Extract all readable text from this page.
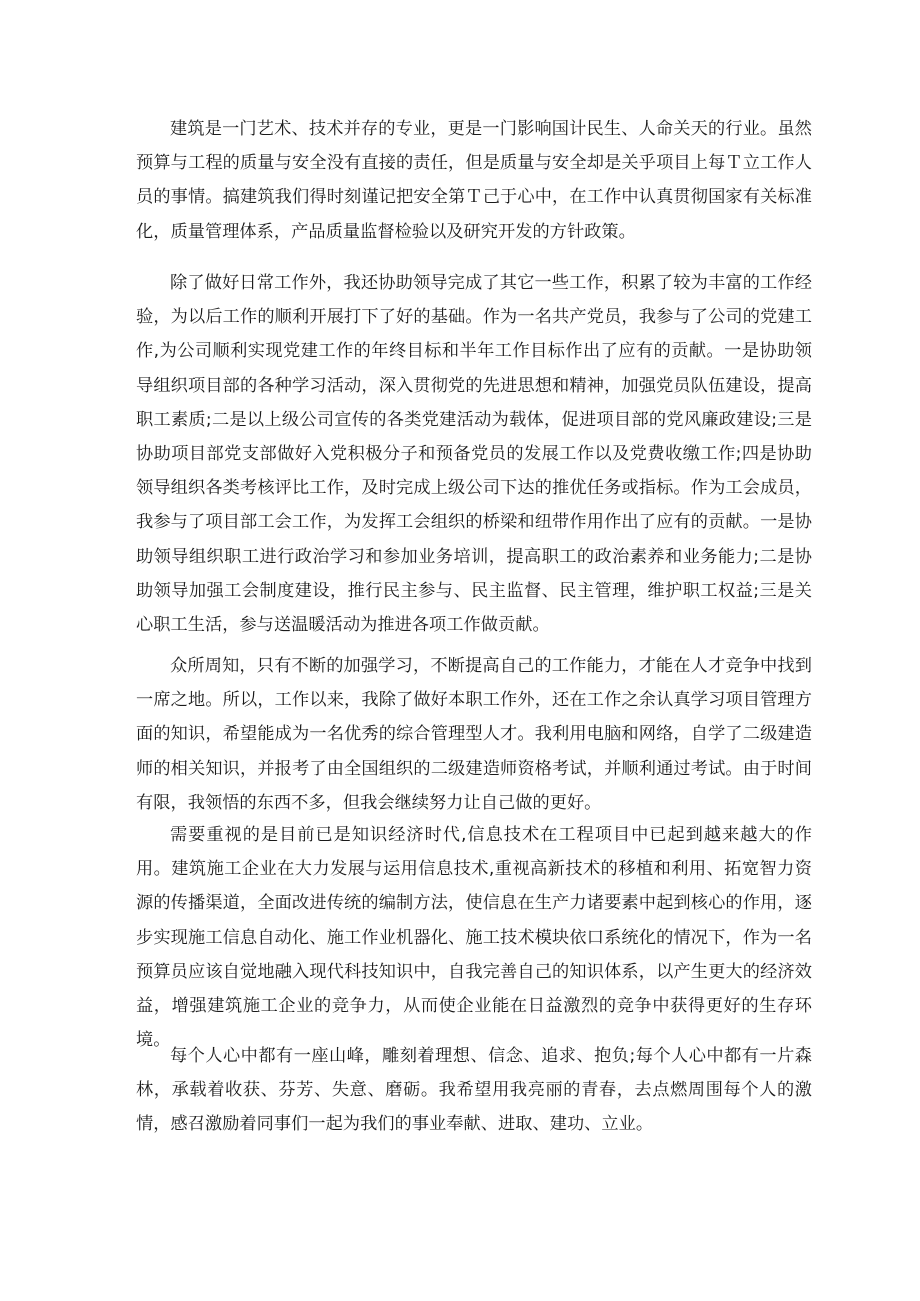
建筑是一门艺术、技术并存的专业，更是一门影响国计民生、人命关天的行业。虽然预算与工程的质量与安全没有直接的责任，但是质量与安全却是关乎项目上每Ｔ立工作人员的事情。搞建筑我们得时刻谨记把安全第Ｔ己于心中，在工作中认真贯彻国家有关标准化，质量管理体系，产品质量监督检验以及研究开发的方针政策。

除了做好日常工作外，我还协助领导完成了其它一些工作，积累了较为丰富的工作经验，为以后工作的顺利开展打下了好的基础。作为一名共产党员，我参与了公司的党建工作,为公司顺利实现党建工作的年终目标和半年工作目标作出了应有的贡献。一是协助领导组织项目部的各种学习活动，深入贯彻党的先进思想和精神，加强党员队伍建设，提高职工素质;二是以上级公司宣传的各类党建活动为载体，促进项目部的党风廉政建设;三是协助项目部党支部做好入党积极分子和预备党员的发展工作以及党费收缴工作;四是协助领导组织各类考核评比工作，及时完成上级公司下达的推优任务或指标。作为工会成员，我参与了项目部工会工作，为发挥工会组织的桥梁和纽带作用作出了应有的贡献。一是协助领导组织职工进行政治学习和参加业务培训，提高职工的政治素养和业务能力;二是协助领导加强工会制度建设，推行民主参与、民主监督、民主管理，维护职工权益;三是关心职工生活，参与送温暖活动为推进各项工作做贡献。

众所周知，只有不断的加强学习，不断提高自己的工作能力，才能在人才竞争中找到一席之地。所以，工作以来，我除了做好本职工作外，还在工作之余认真学习项目管理方面的知识，希望能成为一名优秀的综合管理型人才。我利用电脑和网络，自学了二级建造师的相关知识，并报考了由全国组织的二级建造师资格考试，并顺利通过考试。由于时间有限，我领悟的东西不多，但我会继续努力让自己做的更好。

需要重视的是目前已是知识经济时代,信息技术在工程项目中已起到越来越大的作用。建筑施工企业在大力发展与运用信息技术,重视高新技术的移植和利用、拓宽智力资源的传播渠道，全面改进传统的编制方法，使信息在生产力诸要素中起到核心的作用，逐步实现施工信息自动化、施工作业机器化、施工技术模块依口系统化的情况下，作为一名预算员应该自觉地融入现代科技知识中，自我完善自己的知识体系，以产生更大的经济效益，增强建筑施工企业的竞争力，从而使企业能在日益激烈的竞争中获得更好的生存环境。

每个人心中都有一座山峰，雕刻着理想、信念、追求、抱负;每个人心中都有一片森林，承载着收获、芬芳、失意、磨砺。我希望用我亮丽的青春，去点燃周围每个人的激情，感召激励着同事们一起为我们的事业奉献、进取、建功、立业。
